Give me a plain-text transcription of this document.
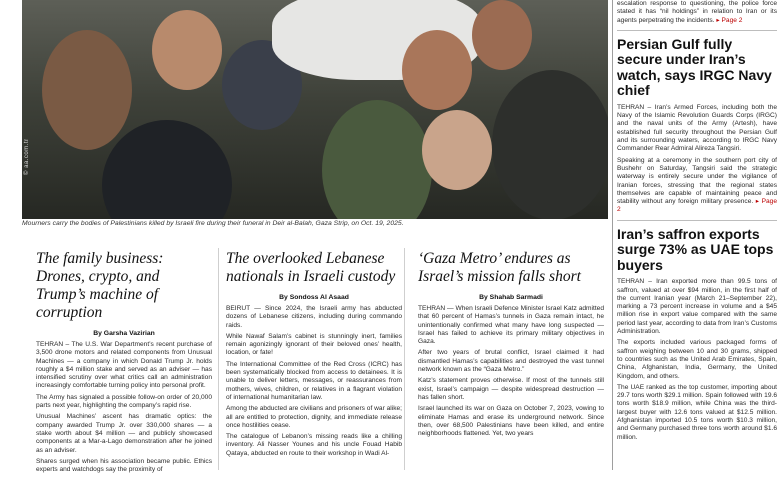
© aa.com.tr
Mourners carry the bodies of Palestinians killed by Israeli fire during their funeral in Deir al-Balah, Gaza Strip, on Oct. 19, 2025.
The family business: Drones, crypto, and Trump’s machine of corruption
By Garsha Vazirian

TEHRAN – The U.S. War Department’s recent purchase of 3,500 drone motors and related components from Unusual Machines — a company in which Donald Trump Jr. holds roughly a $4 million stake and served as an adviser — has intensified scrutiny over what critics call an administration increasingly comfortable turning policy into personal profit.

The Army has signaled a possible follow-on order of 20,000 parts next year, highlighting the company’s rapid rise.

Unusual Machines’ ascent has dramatic optics: the company awarded Trump Jr. over 330,000 shares — a stake worth about $4 million — and publicly showcased components at a Mar-a-Lago demonstration after he joined as an adviser.

Shares surged when his association became public. Ethics experts and watchdogs say the proximity of

The overlooked Lebanese nationals in Israeli custody
By Sondoss Al Asaad

BEIRUT — Since 2024, the Israeli army has abducted dozens of Lebanese citizens, including during commando raids.

While Nawaf Salam’s cabinet is stunningly inert, families remain agonizingly ignorant of their beloved ones’ health, location, or fate!

The International Committee of the Red Cross (ICRC) has been systematically blocked from access to detainees. It is unable to deliver letters, messages, or reassurances from mothers, wives, children, or relatives in a flagrant violation of international humanitarian law.

Among the abducted are civilians and prisoners of war alike; all are entitled to protection, dignity, and immediate release once hostilities cease.

The catalogue of Lebanon’s missing reads like a chilling inventory. Ali Nasser Younes and his uncle Fouad Habib Qataya, abducted en route to their workshop in Wadi Al-

‘Gaza Metro’ endures as Israel’s mission falls short
By Shahab Sarmadi

TEHRAN — When Israeli Defence Minister Israel Katz admitted that 60 percent of Hamas’s tunnels in Gaza remain intact, he unintentionally confirmed what many have long suspected — Israel has failed to achieve its primary military objectives in Gaza.

After two years of brutal conflict, Israel claimed it had dismantled Hamas’s capabilities and destroyed the vast tunnel network known as the “Gaza Metro.”

Katz’s statement proves otherwise. If most of the tunnels still exist, Israel’s campaign — despite widespread destruction — has fallen short.

Israel launched its war on Gaza on October 7, 2023, vowing to eliminate Hamas and erase its underground network. Since then, over 68,500 Palestinians have been killed, and entire neighborhoods flattened. Yet, two years

escalation response to questioning, the police force stated it has “nil holdings” in relation to Iran or its agents perpetrating the incidents. ▸ Page 2

Persian Gulf fully secure under Iran’s watch, says IRGC Navy chief

TEHRAN – Iran’s Armed Forces, including both the Navy of the Islamic Revolution Guards Corps (IRGC) and the naval units of the Army (Artesh), have established full security throughout the Persian Gulf and its surrounding waters, according to IRGC Navy Commander Rear Admiral Alireza Tangsiri.

Speaking at a ceremony in the southern port city of Bushehr on Saturday, Tangsiri said the strategic waterway is entirely secure under the vigilance of Iranian forces, stressing that the regional states themselves are capable of maintaining peace and stability without any foreign military presence. ▸ Page 2

Iran’s saffron exports surge 73% as UAE tops buyers

TEHRAN – Iran exported more than 99.5 tons of saffron, valued at over $94 million, in the first half of the current Iranian year (March 21–September 22), marking a 73 percent increase in volume and a $45 million rise in export value compared with the same period last year, according to data from Iran’s Customs Administration.

The exports included various packaged forms of saffron weighing between 10 and 30 grams, shipped to countries such as the United Arab Emirates, Spain, China, Afghanistan, India, Germany, the United Kingdom, and others.

The UAE ranked as the top customer, importing about 29.7 tons worth $29.1 million. Spain followed with 19.6 tons worth $18.9 million, while China was the third-largest buyer with 12.6 tons valued at $12.5 million. Afghanistan imported 10.5 tons worth $10.3 million, and Germany purchased three tons worth around $1.6 million.
